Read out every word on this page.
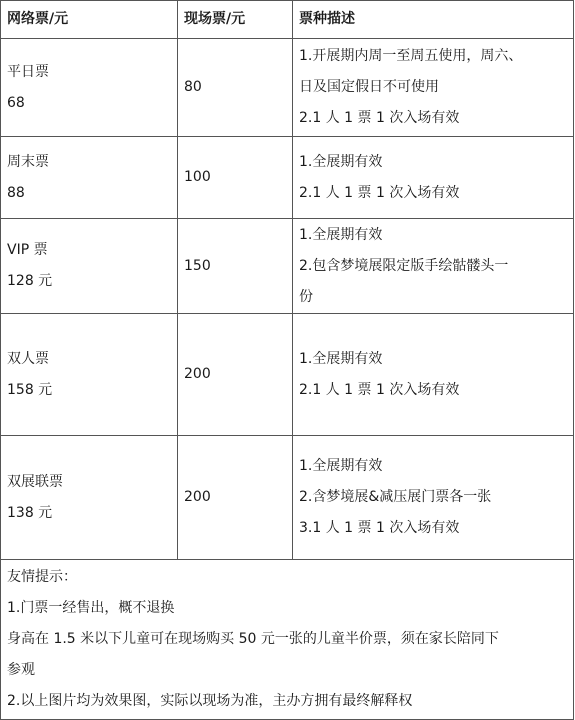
网络票/元	现场票/元	票种描述

平日票
68	80	1.开展期内周一至周五使用，周六、
日及国定假日不可使用
2.1 人 1 票 1 次入场有效

周末票
88	100	1.全展期有效
2.1 人 1 票 1 次入场有效

VIP 票
128 元	150	1.全展期有效
2.包含梦境展限定版手绘骷髅头一
份

双人票
158 元	200	1.全展期有效
2.1 人 1 票 1 次入场有效

双展联票
138 元	200	1.全展期有效
2.含梦境展&减压展门票各一张
3.1 人 1 票 1 次入场有效

友情提示：
1.门票一经售出，概不退换
身高在 1.5 米以下儿童可在现场购买 50 元一张的儿童半价票，须在家长陪同下
参观
2.以上图片均为效果图，实际以现场为准，主办方拥有最终解释权		
